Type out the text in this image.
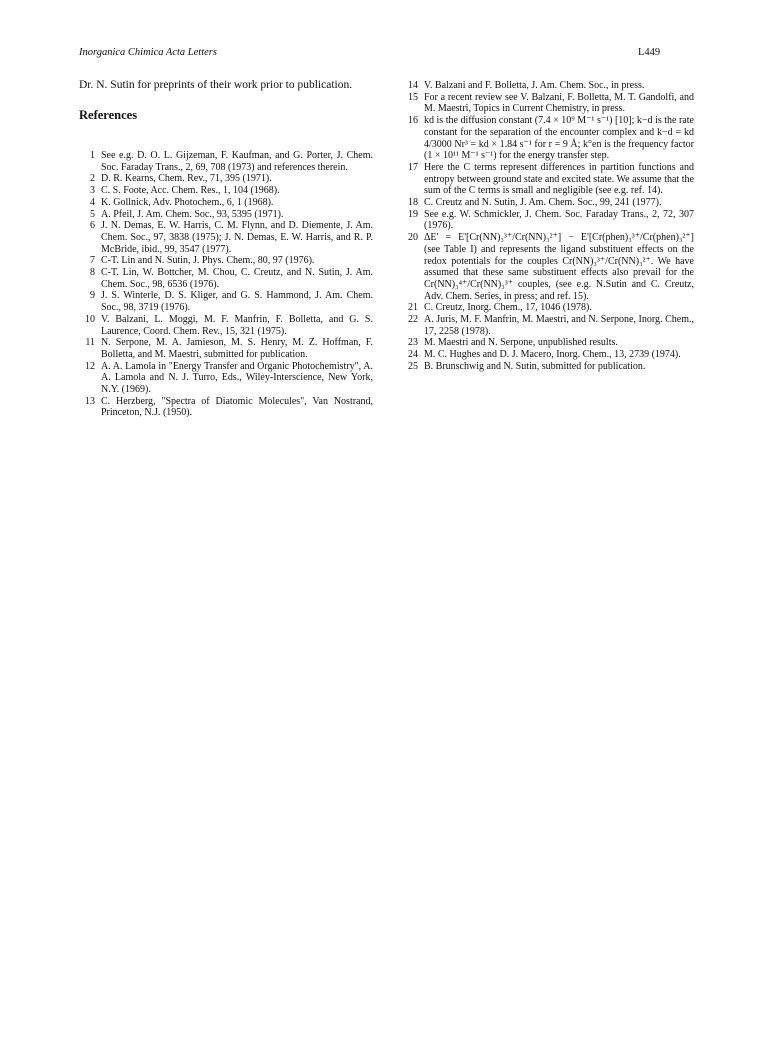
Inorganica Chimica Acta Letters	L449

Dr. N. Sutin for preprints of their work prior to publication.

References
1 See e.g. D. O. L. Gijzeman, F. Kaufman, and G. Porter, J. Chem. Soc. Faraday Trans., 2, 69, 708 (1973) and references therein.
2 D. R. Kearns, Chem. Rev., 71, 395 (1971).
3 C. S. Foote, Acc. Chem. Res., 1, 104 (1968).
4 K. Gollnick, Adv. Photochem., 6, 1 (1968).
5 A. Pfeil, J. Am. Chem. Soc., 93, 5395 (1971).
6 J. N. Demas, E. W. Harris, C. M. Flynn, and D. Diemente, J. Am. Chem. Soc., 97, 3838 (1975); J. N. Demas, E. W. Harris, and R. P. McBride, ibid., 99, 3547 (1977).
7 C-T. Lin and N. Sutin, J. Phys. Chem., 80, 97 (1976).
8 C-T. Lin, W. Bottcher, M. Chou, C. Creutz, and N. Sutin, J. Am. Chem. Soc., 98, 6536 (1976).
9 J. S. Winterle, D. S. Kliger, and G. S. Hammond, J. Am. Chem. Soc., 98, 3719 (1976).
10 V. Balzani, L. Moggi, M. F. Manfrin, F. Bolletta, and G. S. Laurence, Coord. Chem. Rev., 15, 321 (1975).
11 N. Serpone, M. A. Jamieson, M. S. Henry, M. Z. Hoffman, F. Bolletta, and M. Maestri, submitted for publication.
12 A. A. Lamola in "Energy Transfer and Organic Photochemistry", A. A. Lamola and N. J. Turro, Eds., Wiley-Interscience, New York, N.Y. (1969).
13 C. Herzberg, "Spectra of Diatomic Molecules", Van Nostrand, Princeton, N.J. (1950).
14 V. Balzani and F. Bolletta, J. Am. Chem. Soc., in press.
15 For a recent review see V. Balzani, F. Bolletta, M. T. Gandolfi, and M. Maestri, Topics in Current Chemistry, in press.
16 kd is the diffusion constant (7.4 × 10⁹ M⁻¹ s⁻¹) [10]; k−d is the rate constant for the separation of the encounter complex and k−d = kd 4/3000 Nr³ = kd × 1.84 s⁻¹ for r = 9 Å; k°en is the frequency factor (1 × 10¹¹ M⁻¹ s⁻¹) for the energy transfer step.
17 Here the C terms represent differences in partition functions and entropy between ground state and excited state. We assume that the sum of the C terms is small and negligible (see e.g. ref. 14).
18 C. Creutz and N. Sutin, J. Am. Chem. Soc., 99, 241 (1977).
19 See e.g. W. Schmickler, J. Chem. Soc. Faraday Trans., 2, 72, 307 (1976).
20 ΔE' = E'[Cr(NN)₃³⁺/Cr(NN)₃²⁺] − E'[Cr(phen)₃³⁺/Cr(phen)₃²⁺] (see Table I) and represents the ligand substituent effects on the redox potentials for the couples Cr(NN)₃³⁺/Cr(NN)₃²⁺. We have assumed that these same substituent effects also prevail for the Cr(NN)₃⁴⁺/Cr(NN)₃³⁺ couples, (see e.g. N.Sutin and C. Creutz, Adv. Chem. Series, in press; and ref. 15).
21 C. Creutz, Inorg. Chem., 17, 1046 (1978).
22 A. Juris, M. F. Manfrin, M. Maestri, and N. Serpone, Inorg. Chem., 17, 2258 (1978).
23 M. Maestri and N. Serpone, unpublished results.
24 M. C. Hughes and D. J. Macero, Inorg. Chem., 13, 2739 (1974).
25 B. Brunschwig and N. Sutin, submitted for publication.
